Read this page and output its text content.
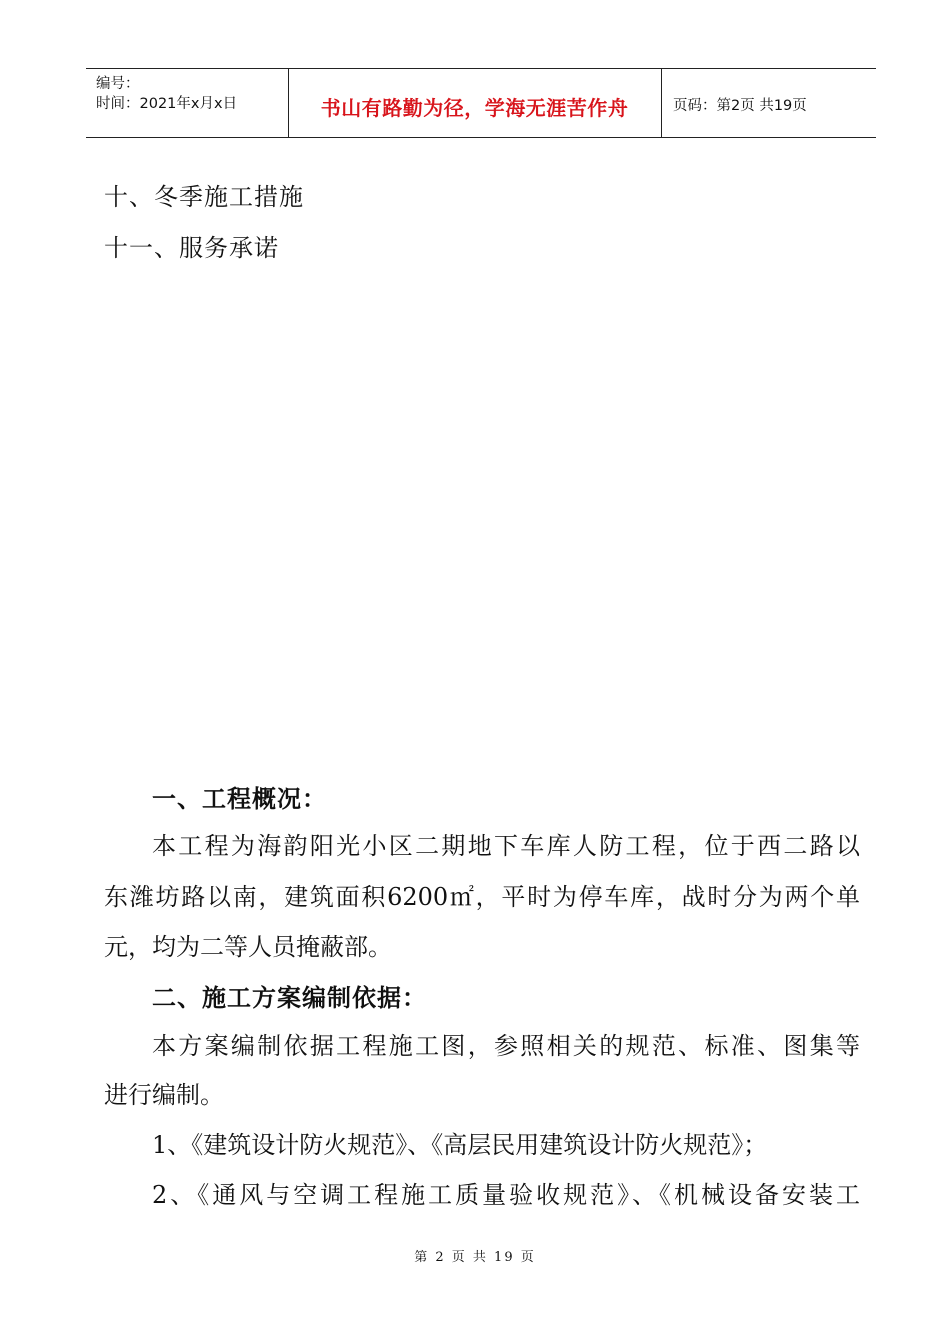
编号：
时间：2021年x月x日	书山有路勤为径，学海无涯苦作舟	页码：第2页 共19页
十、冬季施工措施
十一、服务承诺
一、工程概况：
本工程为海韵阳光小区二期地下车库人防工程，位于西二路以
东潍坊路以南，建筑面积6200㎡，平时为停车库，战时分为两个单
元，均为二等人员掩蔽部。
二、施工方案编制依据：
本方案编制依据工程施工图，参照相关的规范、标准、图集等
进行编制。
1、《建筑设计防火规范》、《高层民用建筑设计防火规范》；
2、《通风与空调工程施工质量验收规范》、《机械设备安装工
第 2 页 共 19 页
